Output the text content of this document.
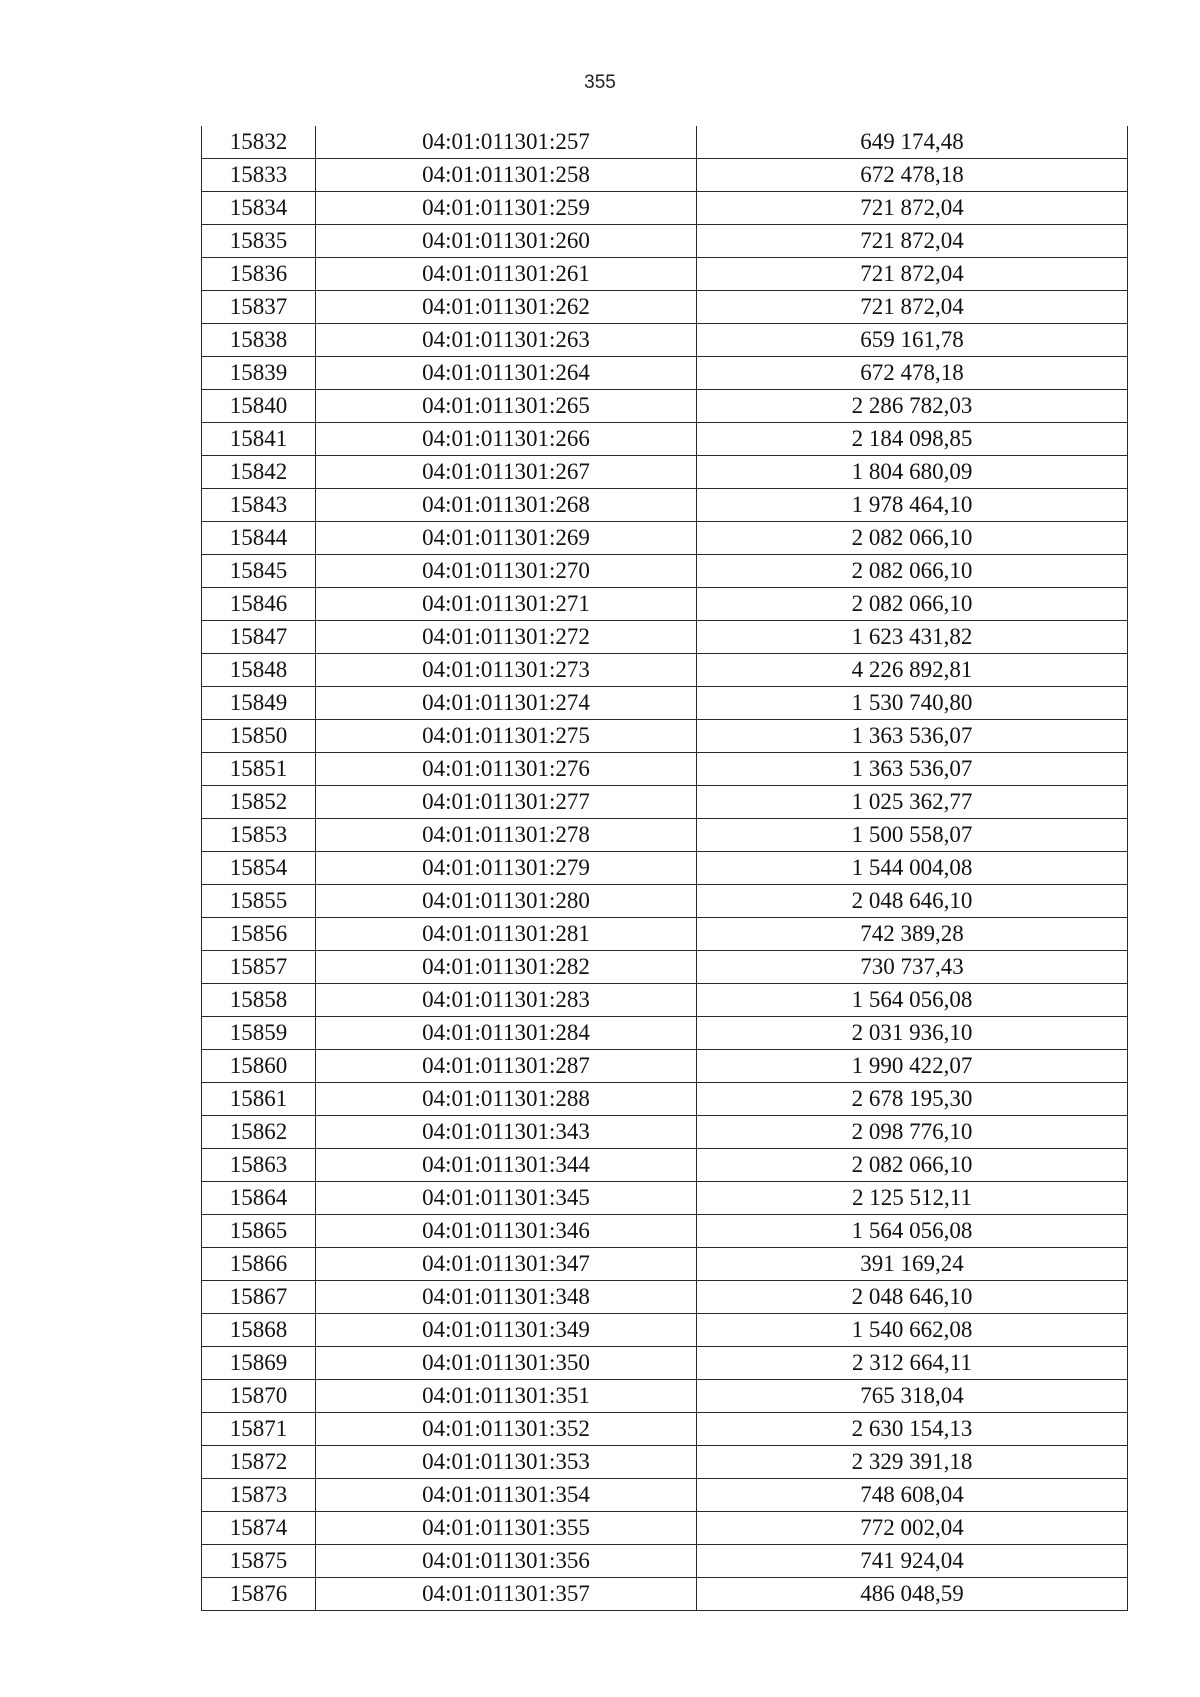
355
15832	04:01:011301:257	649 174,48
15833	04:01:011301:258	672 478,18
15834	04:01:011301:259	721 872,04
15835	04:01:011301:260	721 872,04
15836	04:01:011301:261	721 872,04
15837	04:01:011301:262	721 872,04
15838	04:01:011301:263	659 161,78
15839	04:01:011301:264	672 478,18
15840	04:01:011301:265	2 286 782,03
15841	04:01:011301:266	2 184 098,85
15842	04:01:011301:267	1 804 680,09
15843	04:01:011301:268	1 978 464,10
15844	04:01:011301:269	2 082 066,10
15845	04:01:011301:270	2 082 066,10
15846	04:01:011301:271	2 082 066,10
15847	04:01:011301:272	1 623 431,82
15848	04:01:011301:273	4 226 892,81
15849	04:01:011301:274	1 530 740,80
15850	04:01:011301:275	1 363 536,07
15851	04:01:011301:276	1 363 536,07
15852	04:01:011301:277	1 025 362,77
15853	04:01:011301:278	1 500 558,07
15854	04:01:011301:279	1 544 004,08
15855	04:01:011301:280	2 048 646,10
15856	04:01:011301:281	742 389,28
15857	04:01:011301:282	730 737,43
15858	04:01:011301:283	1 564 056,08
15859	04:01:011301:284	2 031 936,10
15860	04:01:011301:287	1 990 422,07
15861	04:01:011301:288	2 678 195,30
15862	04:01:011301:343	2 098 776,10
15863	04:01:011301:344	2 082 066,10
15864	04:01:011301:345	2 125 512,11
15865	04:01:011301:346	1 564 056,08
15866	04:01:011301:347	391 169,24
15867	04:01:011301:348	2 048 646,10
15868	04:01:011301:349	1 540 662,08
15869	04:01:011301:350	2 312 664,11
15870	04:01:011301:351	765 318,04
15871	04:01:011301:352	2 630 154,13
15872	04:01:011301:353	2 329 391,18
15873	04:01:011301:354	748 608,04
15874	04:01:011301:355	772 002,04
15875	04:01:011301:356	741 924,04
15876	04:01:011301:357	486 048,59
